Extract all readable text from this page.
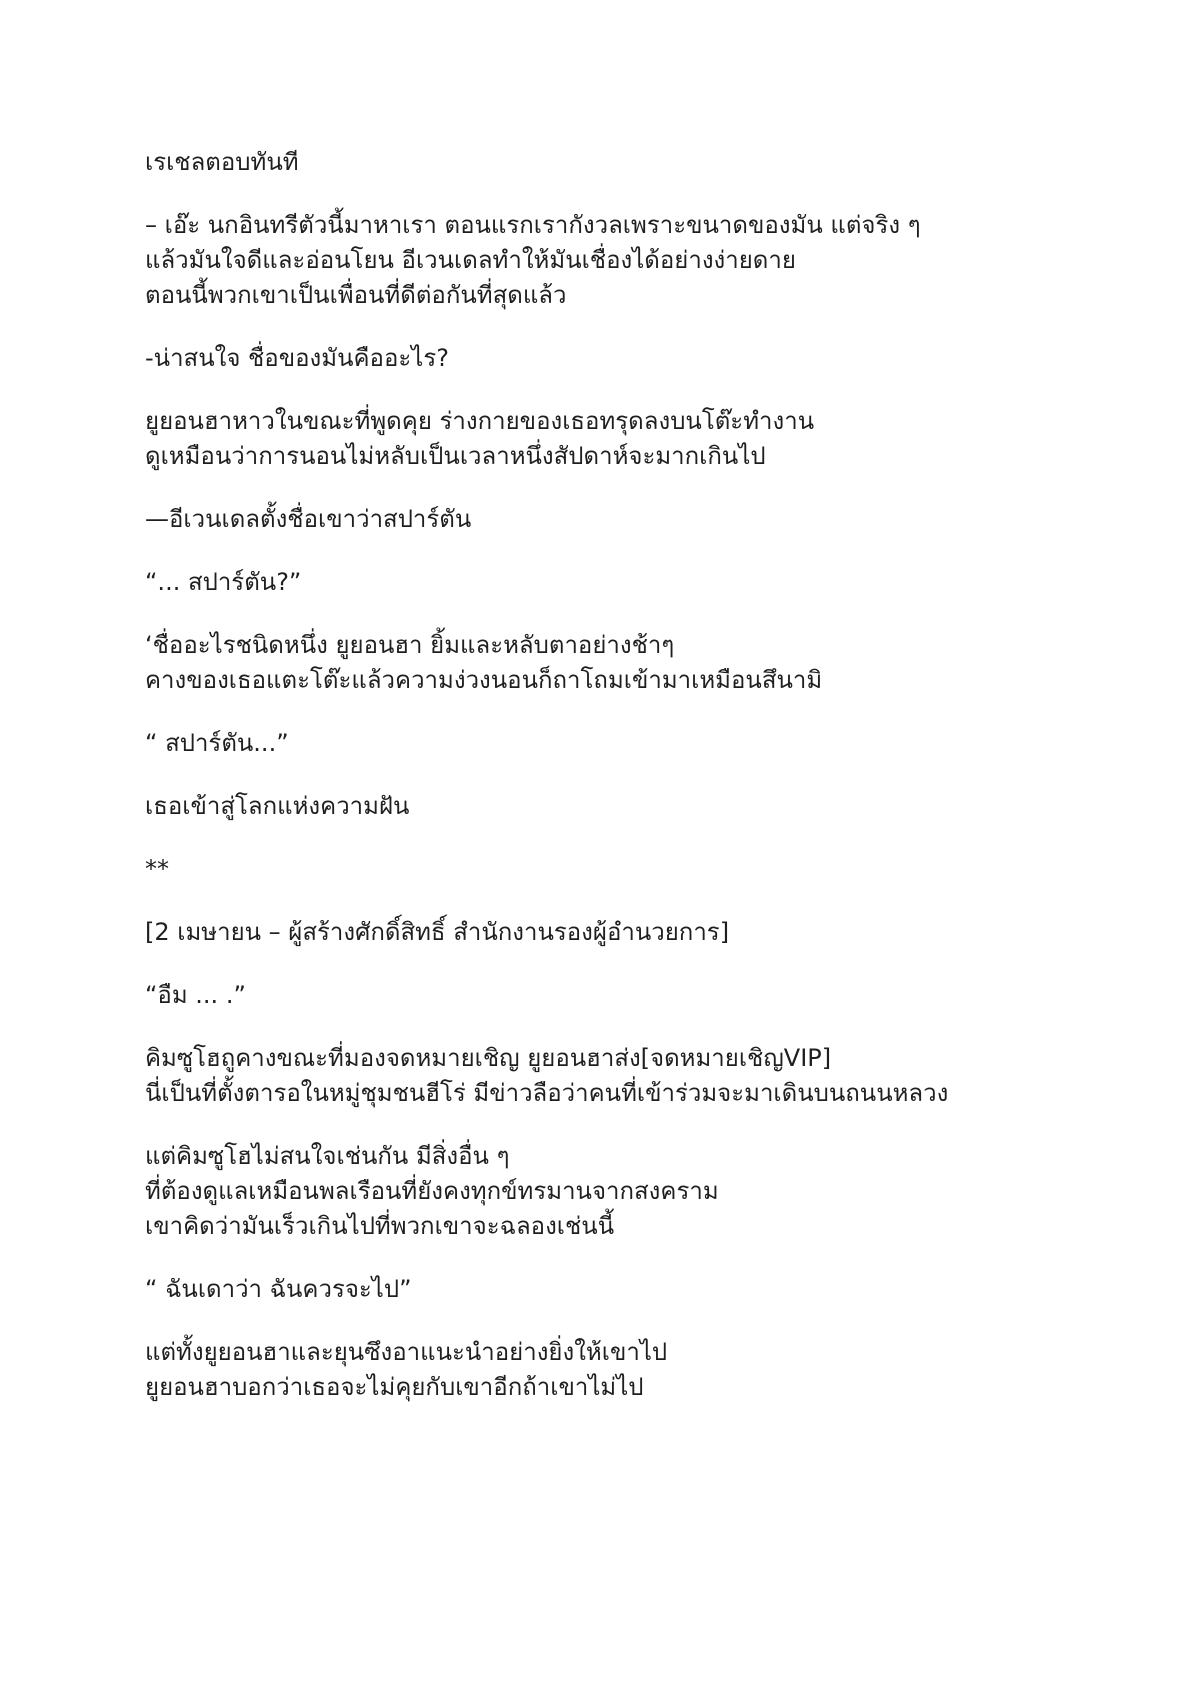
เรเชลตอบทันที

– เอ๊ะ นกอินทรีตัวนี้มาหาเรา ตอนแรกเรากังวลเพราะขนาดของมัน แต่จริง ๆ
แล้วมันใจดีและอ่อนโยน อีเวนเดลทำให้มันเชื่องได้อย่างง่ายดาย
ตอนนี้พวกเขาเป็นเพื่อนที่ดีต่อกันที่สุดแล้ว

-น่าสนใจ ชื่อของมันคืออะไร?

ยูยอนฮาหาวในขณะที่พูดคุย ร่างกายของเธอทรุดลงบนโต๊ะทำงาน
ดูเหมือนว่าการนอนไม่หลับเป็นเวลาหนึ่งสัปดาห์จะมากเกินไป

—อีเวนเดลตั้งชื่อเขาว่าสปาร์ตัน

“... สปาร์ตัน?”

‘ชื่ออะไรชนิดหนึ่ง ยูยอนฮา ยิ้มและหลับตาอย่างช้าๆ
คางของเธอแตะโต๊ะแล้วความง่วงนอนก็ถาโถมเข้ามาเหมือนสึนามิ

“ สปาร์ตัน...”

เธอเข้าสู่โลกแห่งความฝัน

**

[2 เมษายน – ผู้สร้างศักดิ์สิทธิ์ สำนักงานรองผู้อำนวยการ]

“อืม ... .”

คิมซูโฮถูคางขณะที่มองจดหมายเชิญ ยูยอนฮาส่ง[จดหมายเชิญVIP]
นี่เป็นที่ตั้งตารอในหมู่ชุมชนฮีโร่ มีข่าวลือว่าคนที่เข้าร่วมจะมาเดินบนถนนหลวง

แต่คิมซูโฮไม่สนใจเช่นกัน มีสิ่งอื่น ๆ
ที่ต้องดูแลเหมือนพลเรือนที่ยังคงทุกข์ทรมานจากสงคราม
เขาคิดว่ามันเร็วเกินไปที่พวกเขาจะฉลองเช่นนี้

“ ฉันเดาว่า ฉันควรจะไป”

แต่ทั้งยูยอนฮาและยุนซึงอาแนะนำอย่างยิ่งให้เขาไป
ยูยอนฮาบอกว่าเธอจะไม่คุยกับเขาอีกถ้าเขาไม่ไป
